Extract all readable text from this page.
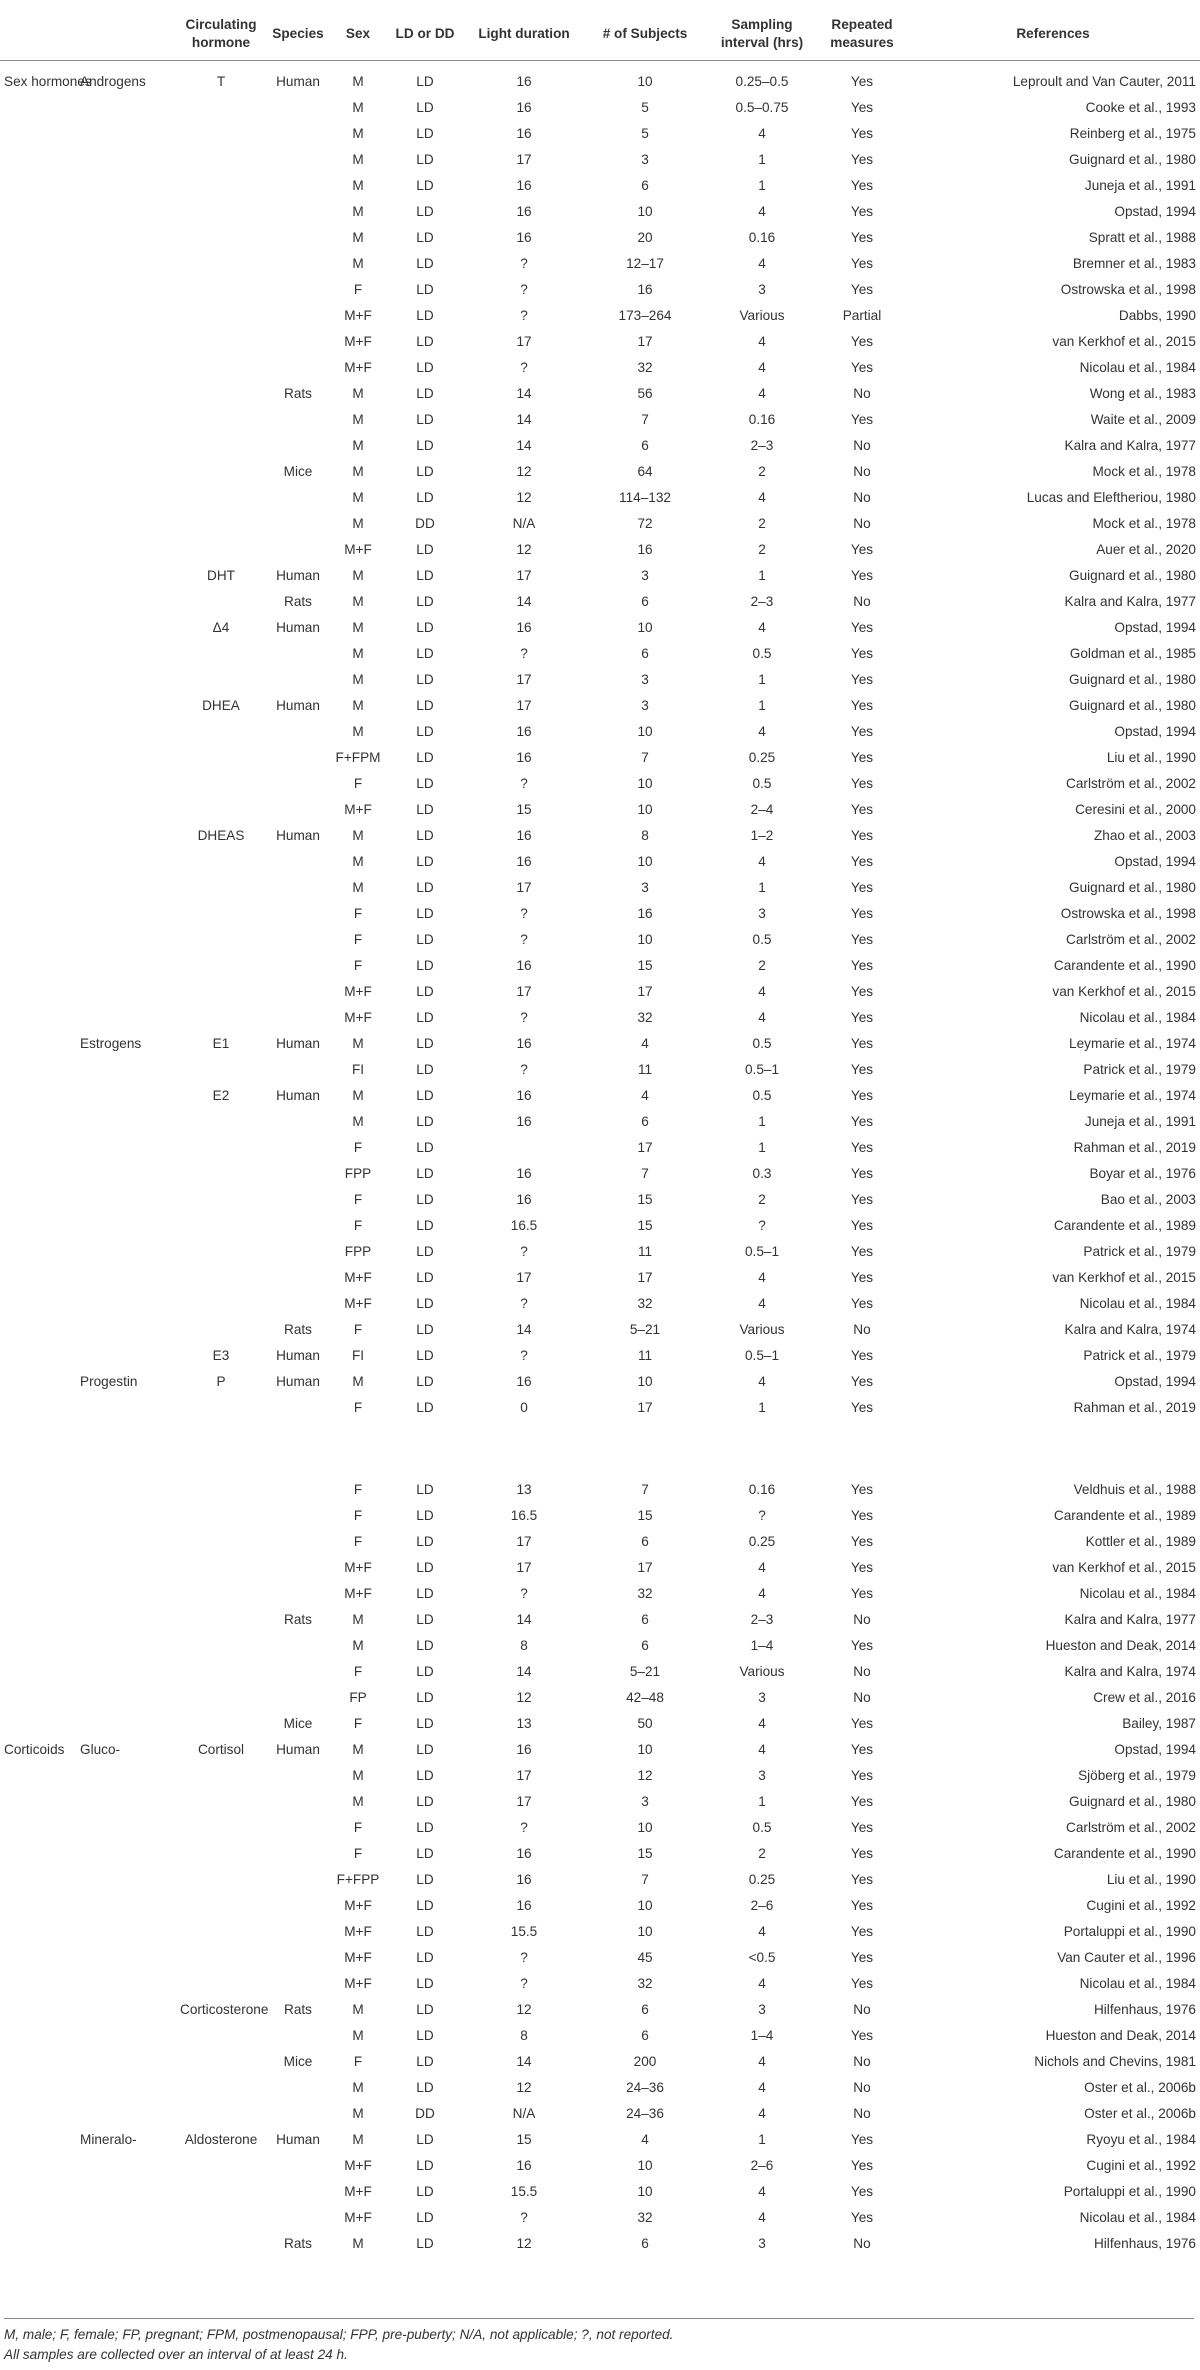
		Circulating hormone	Species	Sex	LD or DD	Light duration	# of Subjects	Sampling interval (hrs)	Repeated measures	References
Sex hormones	Androgens	T	Human	M	LD	16	10	0.25–0.5	Yes	Leproult and Van Cauter, 2011
				M	LD	16	5	0.5–0.75	Yes	Cooke et al., 1993
				M	LD	16	5	4	Yes	Reinberg et al., 1975
				M	LD	17	3	1	Yes	Guignard et al., 1980
				M	LD	16	6	1	Yes	Juneja et al., 1991
				M	LD	16	10	4	Yes	Opstad, 1994
				M	LD	16	20	0.16	Yes	Spratt et al., 1988
				M	LD	?	12–17	4	Yes	Bremner et al., 1983
				F	LD	?	16	3	Yes	Ostrowska et al., 1998
				M+F	LD	?	173–264	Various	Partial	Dabbs, 1990
				M+F	LD	17	17	4	Yes	van Kerkhof et al., 2015
				M+F	LD	?	32	4	Yes	Nicolau et al., 1984
			Rats	M	LD	14	56	4	No	Wong et al., 1983
				M	LD	14	7	0.16	Yes	Waite et al., 2009
				M	LD	14	6	2–3	No	Kalra and Kalra, 1977
			Mice	M	LD	12	64	2	No	Mock et al., 1978
				M	LD	12	114–132	4	No	Lucas and Eleftheriou, 1980
				M	DD	N/A	72	2	No	Mock et al., 1978
				M+F	LD	12	16	2	Yes	Auer et al., 2020
		DHT	Human	M	LD	17	3	1	Yes	Guignard et al., 1980
			Rats	M	LD	14	6	2–3	No	Kalra and Kalra, 1977
		Δ4	Human	M	LD	16	10	4	Yes	Opstad, 1994
				M	LD	?	6	0.5	Yes	Goldman et al., 1985
				M	LD	17	3	1	Yes	Guignard et al., 1980
		DHEA	Human	M	LD	17	3	1	Yes	Guignard et al., 1980
				M	LD	16	10	4	Yes	Opstad, 1994
				F+FPM	LD	16	7	0.25	Yes	Liu et al., 1990
				F	LD	?	10	0.5	Yes	Carlström et al., 2002
				M+F	LD	15	10	2–4	Yes	Ceresini et al., 2000
		DHEAS	Human	M	LD	16	8	1–2	Yes	Zhao et al., 2003
				M	LD	16	10	4	Yes	Opstad, 1994
				M	LD	17	3	1	Yes	Guignard et al., 1980
				F	LD	?	16	3	Yes	Ostrowska et al., 1998
				F	LD	?	10	0.5	Yes	Carlström et al., 2002
				F	LD	16	15	2	Yes	Carandente et al., 1990
				M+F	LD	17	17	4	Yes	van Kerkhof et al., 2015
				M+F	LD	?	32	4	Yes	Nicolau et al., 1984
	Estrogens	E1	Human	M	LD	16	4	0.5	Yes	Leymarie et al., 1974
				FI	LD	?	11	0.5–1	Yes	Patrick et al., 1979
		E2	Human	M	LD	16	4	0.5	Yes	Leymarie et al., 1974
				M	LD	16	6	1	Yes	Juneja et al., 1991
				F	LD		17	1	Yes	Rahman et al., 2019
				FPP	LD	16	7	0.3	Yes	Boyar et al., 1976
				F	LD	16	15	2	Yes	Bao et al., 2003
				F	LD	16.5	15	?	Yes	Carandente et al., 1989
				FPP	LD	?	11	0.5–1	Yes	Patrick et al., 1979
				M+F	LD	17	17	4	Yes	van Kerkhof et al., 2015
				M+F	LD	?	32	4	Yes	Nicolau et al., 1984
			Rats	F	LD	14	5–21	Various	No	Kalra and Kalra, 1974
		E3	Human	FI	LD	?	11	0.5–1	Yes	Patrick et al., 1979
	Progestin	P	Human	M	LD	16	10	4	Yes	Opstad, 1994
				F	LD	0	17	1	Yes	Rahman et al., 2019

				F	LD	13	7	0.16	Yes	Veldhuis et al., 1988
				F	LD	16.5	15	?	Yes	Carandente et al., 1989
				F	LD	17	6	0.25	Yes	Kottler et al., 1989
				M+F	LD	17	17	4	Yes	van Kerkhof et al., 2015
				M+F	LD	?	32	4	Yes	Nicolau et al., 1984
			Rats	M	LD	14	6	2–3	No	Kalra and Kalra, 1977
				M	LD	8	6	1–4	Yes	Hueston and Deak, 2014
				F	LD	14	5–21	Various	No	Kalra and Kalra, 1974
				FP	LD	12	42–48	3	No	Crew et al., 2016
			Mice	F	LD	13	50	4	Yes	Bailey, 1987
Corticoids	Gluco-	Cortisol	Human	M	LD	16	10	4	Yes	Opstad, 1994
				M	LD	17	12	3	Yes	Sjöberg et al., 1979
				M	LD	17	3	1	Yes	Guignard et al., 1980
				F	LD	?	10	0.5	Yes	Carlström et al., 2002
				F	LD	16	15	2	Yes	Carandente et al., 1990
				F+FPP	LD	16	7	0.25	Yes	Liu et al., 1990
				M+F	LD	16	10	2–6	Yes	Cugini et al., 1992
				M+F	LD	15.5	10	4	Yes	Portaluppi et al., 1990
				M+F	LD	?	45	<0.5	Yes	Van Cauter et al., 1996
				M+F	LD	?	32	4	Yes	Nicolau et al., 1984
		Corticosterone	Rats	M	LD	12	6	3	No	Hilfenhaus, 1976
				M	LD	8	6	1–4	Yes	Hueston and Deak, 2014
			Mice	F	LD	14	200	4	No	Nichols and Chevins, 1981
				M	LD	12	24–36	4	No	Oster et al., 2006b
				M	DD	N/A	24–36	4	No	Oster et al., 2006b
	Mineralo-	Aldosterone	Human	M	LD	15	4	1	Yes	Ryoyu et al., 1984
				M+F	LD	16	10	2–6	Yes	Cugini et al., 1992
				M+F	LD	15.5	10	4	Yes	Portaluppi et al., 1990
				M+F	LD	?	32	4	Yes	Nicolau et al., 1984
			Rats	M	LD	12	6	3	No	Hilfenhaus, 1976
M, male; F, female; FP, pregnant; FPM, postmenopausal; FPP, pre-puberty; N/A, not applicable; ?, not reported.
All samples are collected over an interval of at least 24 h.
